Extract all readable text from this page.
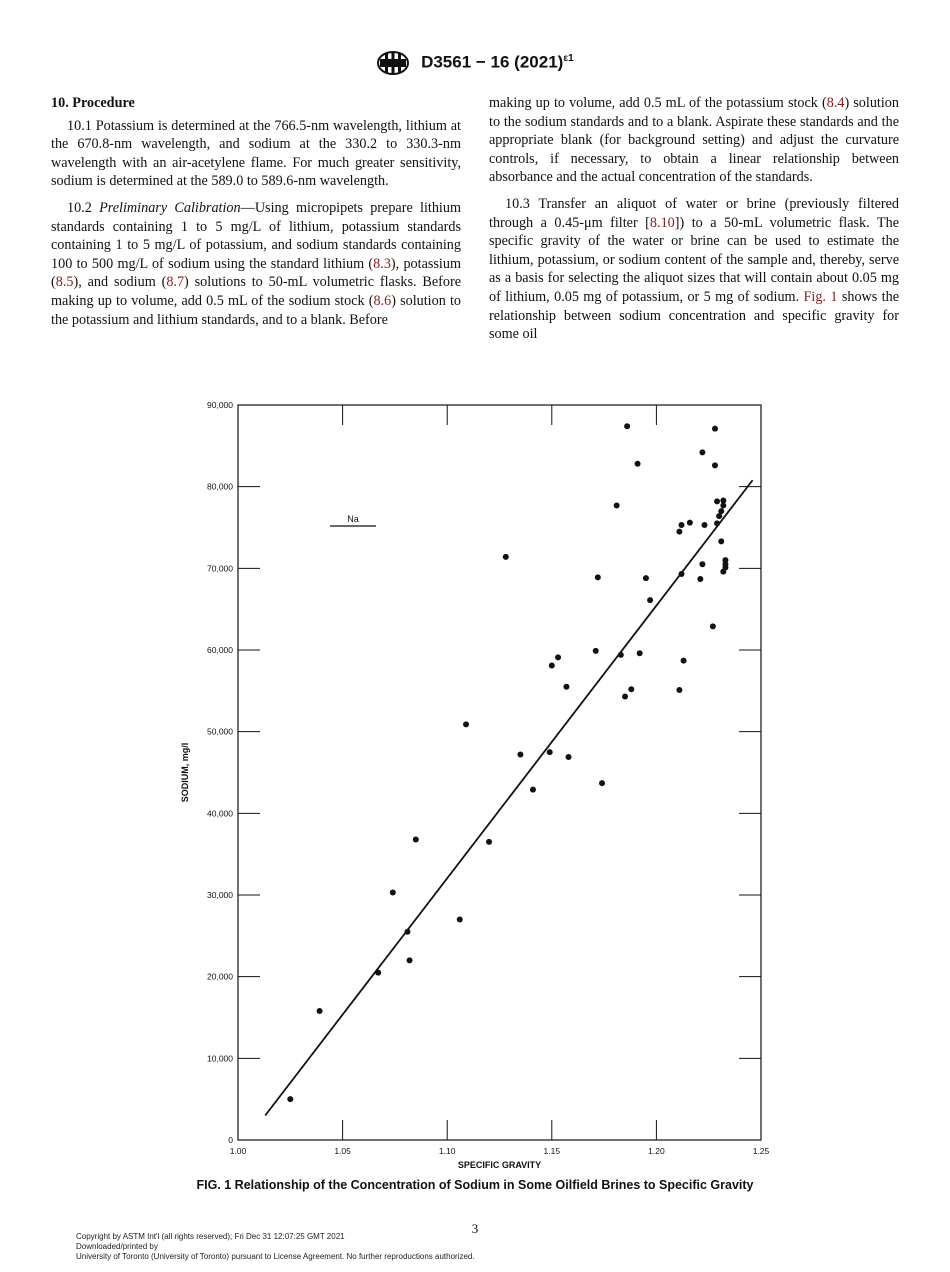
D3561 − 16 $(2021)^{\varepsilon 1}$
10. Procedure

10.1 Potassium is determined at the 766.5-nm wavelength, lithium at the 670.8-nm wavelength, and sodium at the 330.2 to 330.3-nm wavelength with an air-acetylene flame. For much greater sensitivity, sodium is determined at the 589.0 to 589.6-nm wavelength.

10.2 Preliminary Calibration—Using micropipets prepare lithium standards containing 1 to 5 mg/L of lithium, potassium standards containing 1 to 5 mg/L of potassium, and sodium standards containing 100 to 500 mg/L of sodium using the standard lithium (8.3), potassium (8.5), and sodium (8.7) solutions to 50-mL volumetric flasks. Before making up to volume, add 0.5 mL of the sodium stock (8.6) solution to the potassium and lithium standards, and to a blank. Before

making up to volume, add 0.5 mL of the potassium stock (8.4) solution to the sodium standards and to a blank. Aspirate these standards and the appropriate blank (for background setting) and adjust the curvature controls, if necessary, to obtain a linear relationship between absorbance and the actual concentration of the standards.

10.3 Transfer an aliquot of water or brine (previously filtered through a 0.45-μm filter [8.10]) to a 50-mL volumetric flask. The specific gravity of the water or brine can be used to estimate the lithium, potassium, or sodium content of the sample and, thereby, serve as a basis for selecting the aliquot sizes that will contain about 0.05 mg of lithium, 0.05 mg of potassium, or 5 mg of sodium. Fig. 1 shows the relationship between sodium concentration and specific gravity for some oil

0
10,000
20,000
30,000
40,000
50,000
60,000
70,000
80,000
90,000
1.00	1.05	1.10	1.15	1.20	1.25
SPECIFIC GRAVITY
SODIUM, mg/l
Na
FIG. 1 Relationship of the Concentration of Sodium in Some Oilfield Brines to Specific Gravity
3
Copyright by ASTM Int'l (all rights reserved); Fri Dec 31 12:07:25 GMT 2021
Downloaded/printed by
University of Toronto (University of Toronto) pursuant to License Agreement. No further reproductions authorized.
